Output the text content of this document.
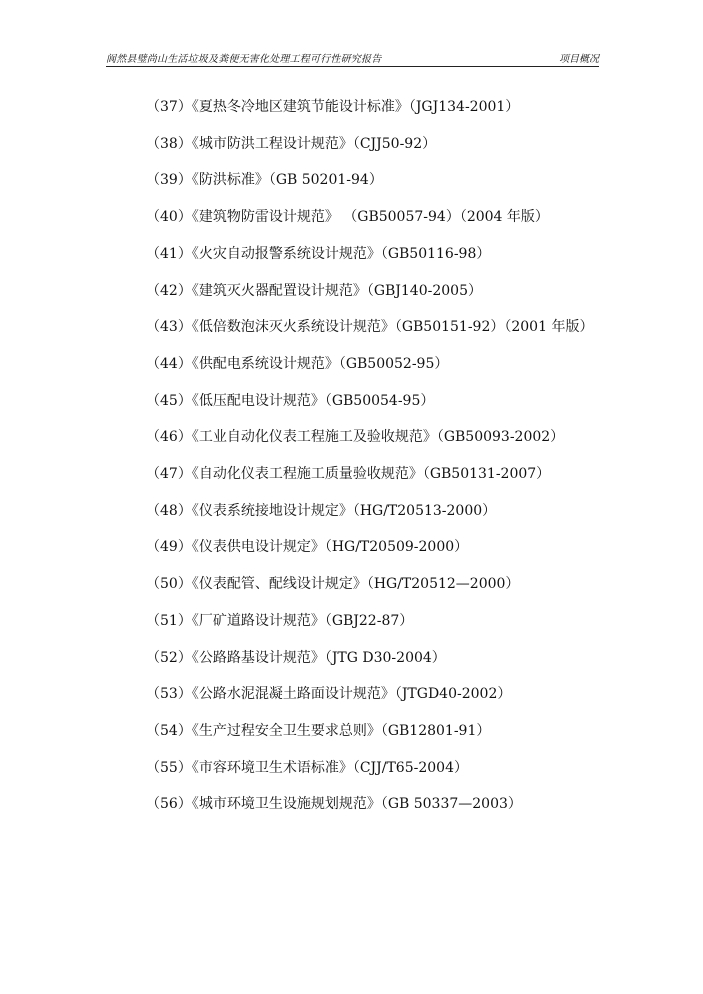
阆然县璧尚山生活垃圾及粪便无害化处理工程可行性研究报告	项目概况

（37）《夏热冬冷地区建筑节能设计标准》（JGJ134-2001）

（38）《城市防洪工程设计规范》（CJJ50-92）

（39）《防洪标准》（GB 50201-94）

（40）《建筑物防雷设计规范》 （GB50057-94）（2004 年版）

（41）《火灾自动报警系统设计规范》（GB50116-98）

（42）《建筑灭火器配置设计规范》（GBJ140-2005）

（43）《低倍数泡沫灭火系统设计规范》（GB50151-92）（2001 年版）

（44）《供配电系统设计规范》（GB50052-95）

（45）《低压配电设计规范》（GB50054-95）

（46）《工业自动化仪表工程施工及验收规范》（GB50093-2002）

（47）《自动化仪表工程施工质量验收规范》（GB50131-2007）

（48）《仪表系统接地设计规定》（HG/T20513-2000）

（49）《仪表供电设计规定》（HG/T20509-2000）

（50）《仪表配管、配线设计规定》（HG/T20512—2000）

（51）《厂矿道路设计规范》（GBJ22-87）

（52）《公路路基设计规范》（JTG D30-2004）

（53）《公路水泥混凝土路面设计规范》（JTGD40-2002）

（54）《生产过程安全卫生要求总则》（GB12801-91）

（55）《市容环境卫生术语标准》（CJJ/T65-2004）

（56）《城市环境卫生设施规划规范》（GB 50337—2003）
